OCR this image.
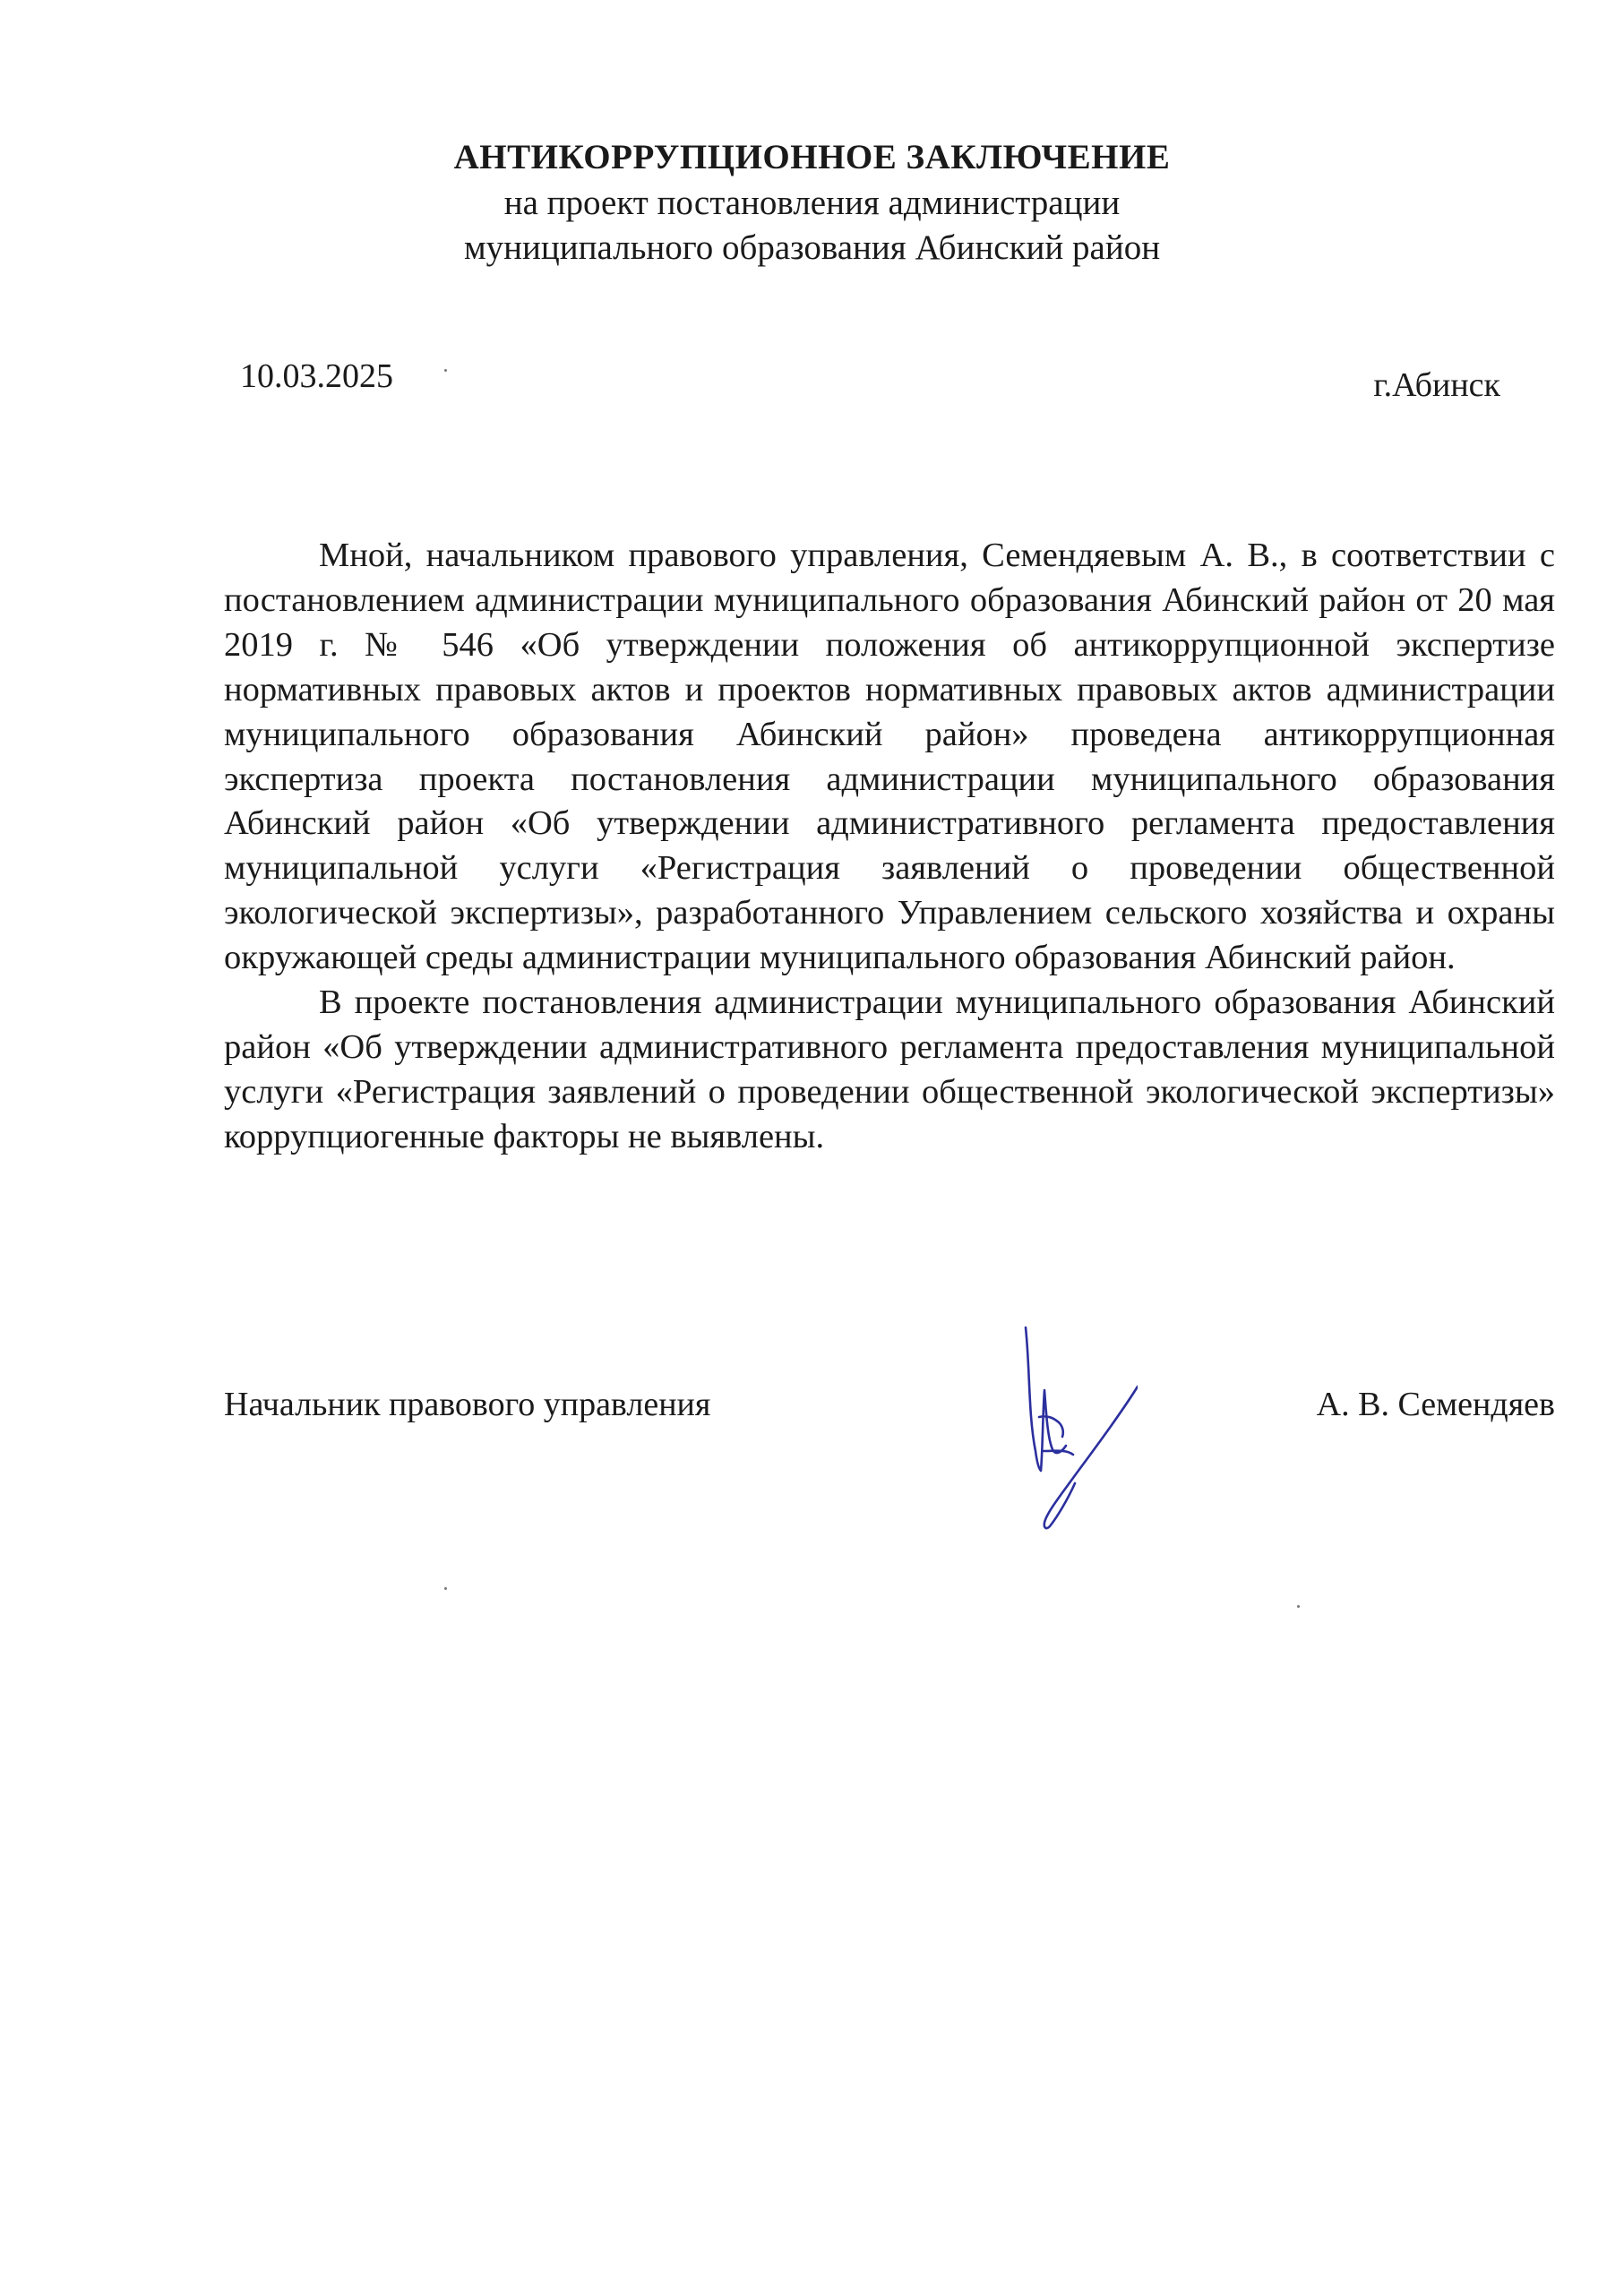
АНТИКОРРУПЦИОННОЕ ЗАКЛЮЧЕНИЕ
на проект постановления администрации
муниципального образования Абинский район
10.03.2025	г.Абинск

Мной, начальником правового управления, Семендяевым А. В., в соответствии с постановлением администрации муниципального образования Абинский район от 20 мая 2019 г. № 546 «Об утверждении положения об антикоррупционной экспертизе нормативных правовых актов и проектов нормативных правовых актов администрации муниципального образования Абинский район» проведена антикоррупционная экспертиза проекта постановления администрации муниципального образования Абинский район «Об утверждении административного регламента предоставления муниципальной услуги «Регистрация заявлений о проведении общественной экологической экспертизы», разработанного Управлением сельского хозяйства и охраны окружающей среды администрации муниципального образования Абинский район.

В проекте постановления администрации муниципального образования Абинский район «Об утверждении административного регламента предоставления муниципальной услуги «Регистрация заявлений о проведении общественной экологической экспертизы» коррупциогенные факторы не выявлены.

Начальник правового управления	А. В. Семендяев
